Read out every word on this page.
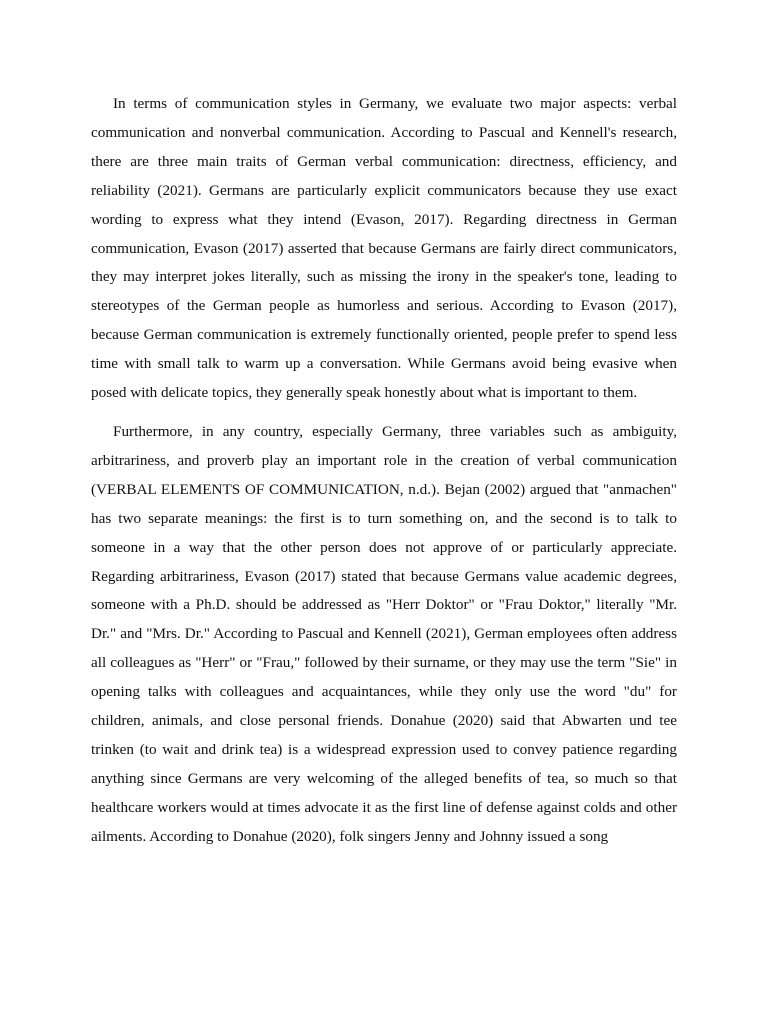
In terms of communication styles in Germany, we evaluate two major aspects: verbal communication and nonverbal communication. According to Pascual and Kennell's research, there are three main traits of German verbal communication: directness, efficiency, and reliability (2021). Germans are particularly explicit communicators because they use exact wording to express what they intend (Evason, 2017). Regarding directness in German communication, Evason (2017) asserted that because Germans are fairly direct communicators, they may interpret jokes literally, such as missing the irony in the speaker's tone, leading to stereotypes of the German people as humorless and serious. According to Evason (2017), because German communication is extremely functionally oriented, people prefer to spend less time with small talk to warm up a conversation. While Germans avoid being evasive when posed with delicate topics, they generally speak honestly about what is important to them.

Furthermore, in any country, especially Germany, three variables such as ambiguity, arbitrariness, and proverb play an important role in the creation of verbal communication (VERBAL ELEMENTS OF COMMUNICATION, n.d.). Bejan (2002) argued that "anmachen" has two separate meanings: the first is to turn something on, and the second is to talk to someone in a way that the other person does not approve of or particularly appreciate. Regarding arbitrariness, Evason (2017) stated that because Germans value academic degrees, someone with a Ph.D. should be addressed as "Herr Doktor" or "Frau Doktor," literally "Mr. Dr." and "Mrs. Dr." According to Pascual and Kennell (2021), German employees often address all colleagues as "Herr" or "Frau," followed by their surname, or they may use the term "Sie" in opening talks with colleagues and acquaintances, while they only use the word "du" for children, animals, and close personal friends. Donahue (2020) said that Abwarten und tee trinken (to wait and drink tea) is a widespread expression used to convey patience regarding anything since Germans are very welcoming of the alleged benefits of tea, so much so that healthcare workers would at times advocate it as the first line of defense against colds and other ailments. According to Donahue (2020), folk singers Jenny and Johnny issued a song
